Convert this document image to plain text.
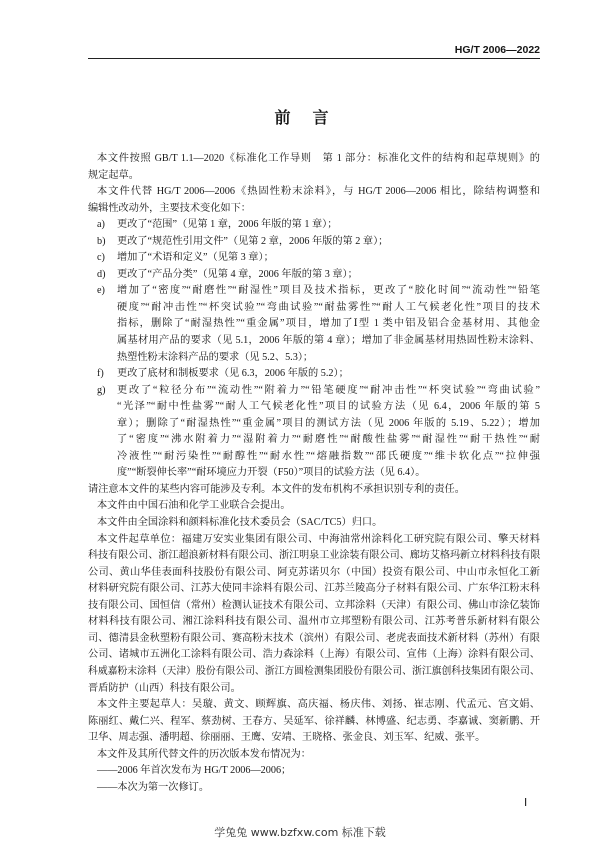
HG/T 2006—2022
前　言
本文件按照 GB/T 1.1—2020《标准化工作导则　第 1 部分：标准化文件的结构和起草规则》的
规定起草。
本文件代替 HG/T 2006—2006《热固性粉末涂料》，与 HG/T 2006—2006 相比，除结构调整和
编辑性改动外，主要技术变化如下：
a) 更改了“范围”（见第 1 章，2006 年版的第 1 章）；
b) 更改了“规范性引用文件”（见第 2 章，2006 年版的第 2 章）；
c) 增加了“术语和定义”（见第 3 章）；
d) 更改了“产品分类”（见第 4 章，2006 年版的第 3 章）；
e) 增加了“密度”“耐磨性”“耐湿性”项目及技术指标，更改了“胶化时间”“流动性”“铅笔
硬度”“耐冲击性”“杯突试验”“弯曲试验”“耐盐雾性”“耐人工气候老化性”项目的技术
指标，删除了“耐湿热性”“重金属”项目，增加了Ⅰ型 1 类中铝及铝合金基材用、其他金
属基材用产品的要求（见 5.1，2006 年版的第 4 章）；增加了非金属基材用热固性粉末涂料、
热塑性粉末涂料产品的要求（见 5.2、5.3）；
f) 更改了底材和制板要求（见 6.3，2006 年版的 5.2）；
g) 更改了“粒径分布”“流动性”“附着力”“铅笔硬度”“耐冲击性”“杯突试验”“弯曲试验”
“光泽”“耐中性盐雾”“耐人工气候老化性”项目的试验方法（见 6.4，2006 年版的第 5
章）；删除了“耐湿热性”“重金属”项目的测试方法（见 2006 年版的 5.19、5.22）；增加
了“密度”“沸水附着力”“湿附着力”“耐磨性”“耐酸性盐雾”“耐湿性”“耐干热性”“耐
冷液性”“耐污染性”“耐醇性”“耐水性”“熔融指数”“邵氏硬度”“维卡软化点”“拉伸强
度”“断裂伸长率”“耐环境应力开裂（F50）”项目的试验方法（见 6.4）。
请注意本文件的某些内容可能涉及专利。本文件的发布机构不承担识别专利的责任。
本文件由中国石油和化学工业联合会提出。
本文件由全国涂料和颜料标准化技术委员会（SAC/TC5）归口。
本文件起草单位：福建万安实业集团有限公司、中海油常州涂料化工研究院有限公司、擎天材料
科技有限公司、浙江超浪新材料有限公司、浙江明泉工业涂装有限公司、廊坊艾格玛新立材料科技有限
公司、黄山华佳表面科技股份有限公司、阿克苏诺贝尔（中国）投资有限公司、中山市永恒化工新
材料研究院有限公司、江苏大使同丰涂料有限公司、江苏兰陵高分子材料有限公司、广东华江粉末科
技有限公司、国恒信（常州）检测认证技术有限公司、立邦涂料（天津）有限公司、佛山市涂亿装饰
材料科技有限公司、湘江涂料科技有限公司、温州市立邦塑粉有限公司、江苏考普乐新材料有限公
司、德清县金秋塑粉有限公司、赛高粉末技术（滨州）有限公司、老虎表面技术新材料（苏州）有限
公司、诸城市五洲化工涂料有限公司、浩力森涂料（上海）有限公司、宣伟（上海）涂料有限公司、
科威嘉粉末涂料（天津）股份有限公司、浙江方圆检测集团股份有限公司、浙江旗创科技集团有限公司、
晋盾防护（山西）科技有限公司。
本文件主要起草人：吴璇、黄文、顾辉旗、高庆福、杨庆伟、刘扬、崔志刚、代孟元、宫文娟、
陈丽红、戴仁兴、程军、蔡劲树、王春方、吴延军、徐祥麟、林博盛、纪志勇、李嘉诚、窦新鹏、开
卫华、周志强、潘明超、徐丽丽、王鹰、安靖、王晓格、张金良、刘玉军、纪威、张平。
本文件及其所代替文件的历次版本发布情况为：
——2006 年首次发布为 HG/T 2006—2006；
——本次为第一次修订。
Ⅰ
学兔兔 www.bzfxw.com 标准下载
